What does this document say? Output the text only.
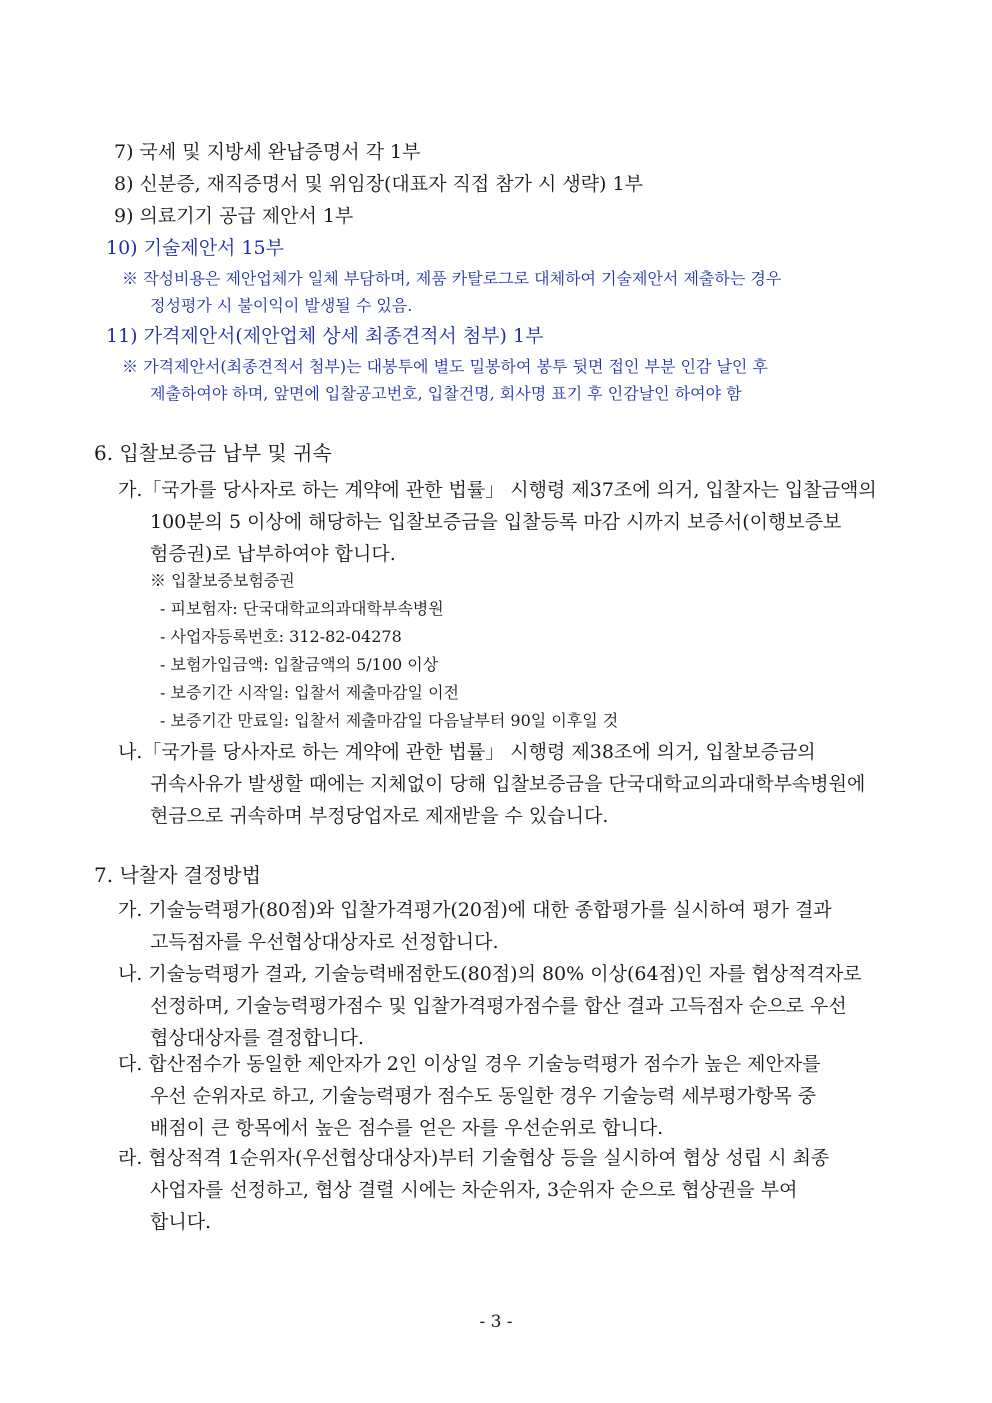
7) 국세 및 지방세 완납증명서 각 1부
8) 신분증, 재직증명서 및 위임장(대표자 직접 참가 시 생략) 1부
9) 의료기기 공급 제안서 1부
10) 기술제안서 15부
※ 작성비용은 제안업체가 일체 부담하며, 제품 카탈로그로 대체하여 기술제안서 제출하는 경우
정성평가 시 불이익이 발생될 수 있음.
11) 가격제안서(제안업체 상세 최종견적서 첨부) 1부
※ 가격제안서(최종견적서 첨부)는 대봉투에 별도 밀봉하여 봉투 뒷면 접인 부분 인감 날인 후
제출하여야 하며, 앞면에 입찰공고번호, 입찰건명, 회사명 표기 후 인감날인 하여야 함
6. 입찰보증금 납부 및 귀속
가.「국가를 당사자로 하는 계약에 관한 법률」 시행령 제37조에 의거, 입찰자는 입찰금액의
100분의 5 이상에 해당하는 입찰보증금을 입찰등록 마감 시까지 보증서(이행보증보
험증권)로 납부하여야 합니다.
※ 입찰보증보험증권
- 피보험자: 단국대학교의과대학부속병원
- 사업자등록번호: 312-82-04278
- 보험가입금액: 입찰금액의 5/100 이상
- 보증기간 시작일: 입찰서 제출마감일 이전
- 보증기간 만료일: 입찰서 제출마감일 다음날부터 90일 이후일 것
나.「국가를 당사자로 하는 계약에 관한 법률」 시행령 제38조에 의거, 입찰보증금의
귀속사유가 발생할 때에는 지체없이 당해 입찰보증금을 단국대학교의과대학부속병원에
현금으로 귀속하며 부정당업자로 제재받을 수 있습니다.
7. 낙찰자 결정방법
가. 기술능력평가(80점)와 입찰가격평가(20점)에 대한 종합평가를 실시하여 평가 결과
고득점자를 우선협상대상자로 선정합니다.
나. 기술능력평가 결과, 기술능력배점한도(80점)의 80% 이상(64점)인 자를 협상적격자로
선정하며, 기술능력평가점수 및 입찰가격평가점수를 합산 결과 고득점자 순으로 우선
협상대상자를 결정합니다.
다. 합산점수가 동일한 제안자가 2인 이상일 경우 기술능력평가 점수가 높은 제안자를
우선 순위자로 하고, 기술능력평가 점수도 동일한 경우 기술능력 세부평가항목 중
배점이 큰 항목에서 높은 점수를 얻은 자를 우선순위로 합니다.
라. 협상적격 1순위자(우선협상대상자)부터 기술협상 등을 실시하여 협상 성립 시 최종
사업자를 선정하고, 협상 결렬 시에는 차순위자, 3순위자 순으로 협상권을 부여
합니다.
- 3 -
